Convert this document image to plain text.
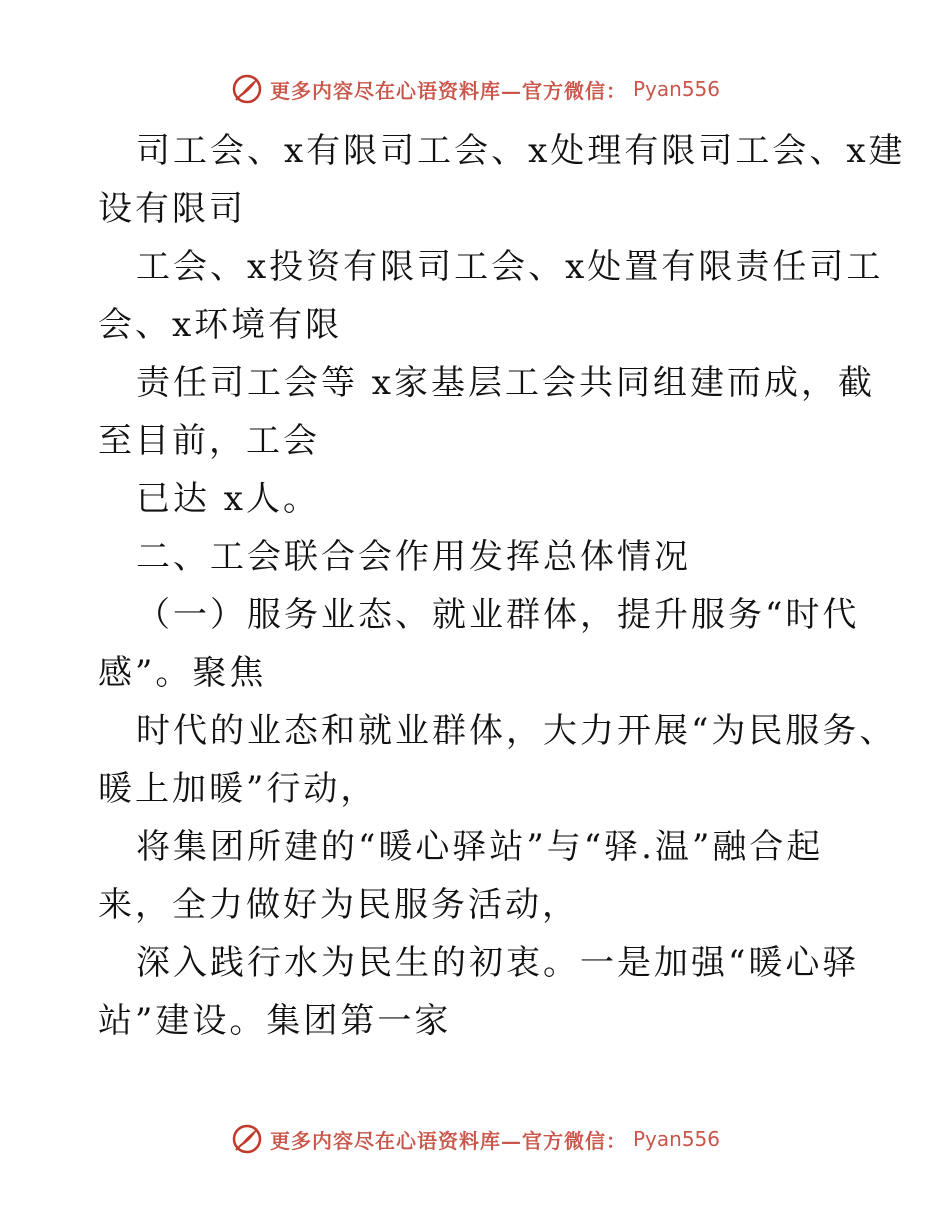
更多内容尽在心语资料库—官方微信： Pyan556
司工会、x有限司工会、x处理有限司工会、x建
设有限司
工会、x投资有限司工会、x处置有限责任司工
会、x环境有限
责任司工会等 x家基层工会共同组建而成，截
至目前，工会
已达 x人。
二、工会联合会作用发挥总体情况
（一）服务业态、就业群体，提升服务“时代
感”。聚焦
时代的业态和就业群体，大力开展“为民服务、
暖上加暖”行动，
将集团所建的“暖心驿站”与“驿.温”融合起
来，全力做好为民服务活动，
深入践行水为民生的初衷。一是加强“暖心驿
站”建设。集团第一家
更多内容尽在心语资料库—官方微信： Pyan556
